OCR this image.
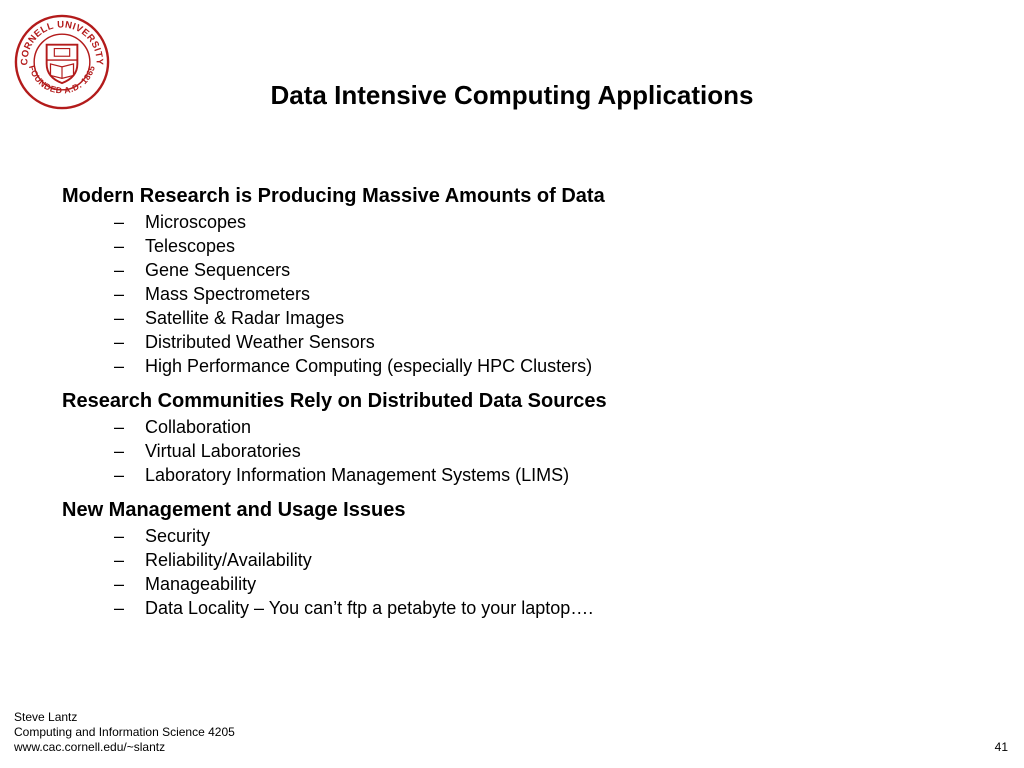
CORNELL UNIVERSITY
FOUNDED A.D. 1865
Data Intensive Computing Applications
Modern Research is Producing Massive Amounts of Data
– Microscopes
– Telescopes
– Gene Sequencers
– Mass Spectrometers
– Satellite & Radar Images
– Distributed Weather Sensors
– High Performance Computing (especially HPC Clusters)
Research Communities Rely on Distributed Data Sources
– Collaboration
– Virtual Laboratories
– Laboratory Information Management Systems (LIMS)
New Management and Usage Issues
– Security
– Reliability/Availability
– Manageability
– Data Locality – You can’t ftp a petabyte to your laptop….
Steve Lantz
Computing and Information Science 4205
www.cac.cornell.edu/~slantz	41
